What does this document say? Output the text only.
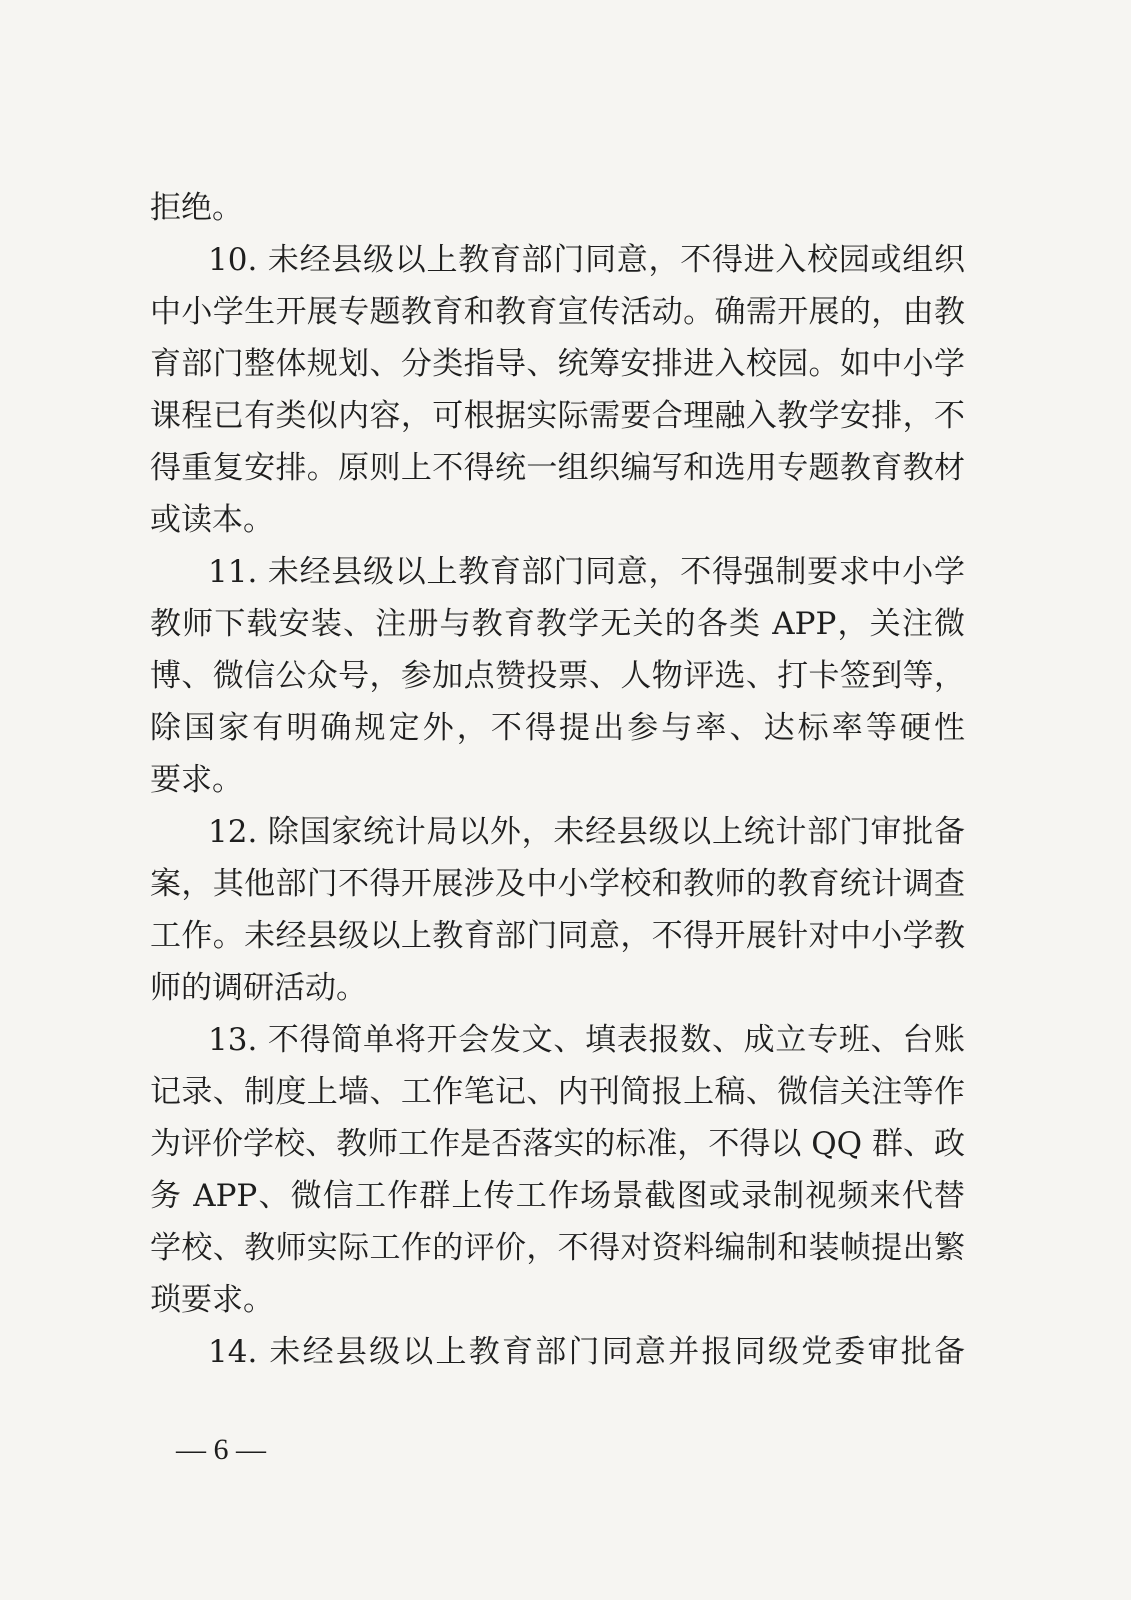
拒绝。
10. 未经县级以上教育部门同意，不得进入校园或组织
中小学生开展专题教育和教育宣传活动。确需开展的，由教
育部门整体规划、分类指导、统筹安排进入校园。如中小学
课程已有类似内容，可根据实际需要合理融入教学安排，不
得重复安排。原则上不得统一组织编写和选用专题教育教材
或读本。
11. 未经县级以上教育部门同意，不得强制要求中小学
教师下载安装、注册与教育教学无关的各类 APP，关注微
博、微信公众号，参加点赞投票、人物评选、打卡签到等，
除国家有明确规定外，不得提出参与率、达标率等硬性
要求。
12. 除国家统计局以外，未经县级以上统计部门审批备
案，其他部门不得开展涉及中小学校和教师的教育统计调查
工作。未经县级以上教育部门同意，不得开展针对中小学教
师的调研活动。
13. 不得简单将开会发文、填表报数、成立专班、台账
记录、制度上墙、工作笔记、内刊简报上稿、微信关注等作
为评价学校、教师工作是否落实的标准，不得以 QQ 群、政
务 APP、微信工作群上传工作场景截图或录制视频来代替
学校、教师实际工作的评价，不得对资料编制和装帧提出繁
琐要求。
14. 未经县级以上教育部门同意并报同级党委审批备
— 6 —
